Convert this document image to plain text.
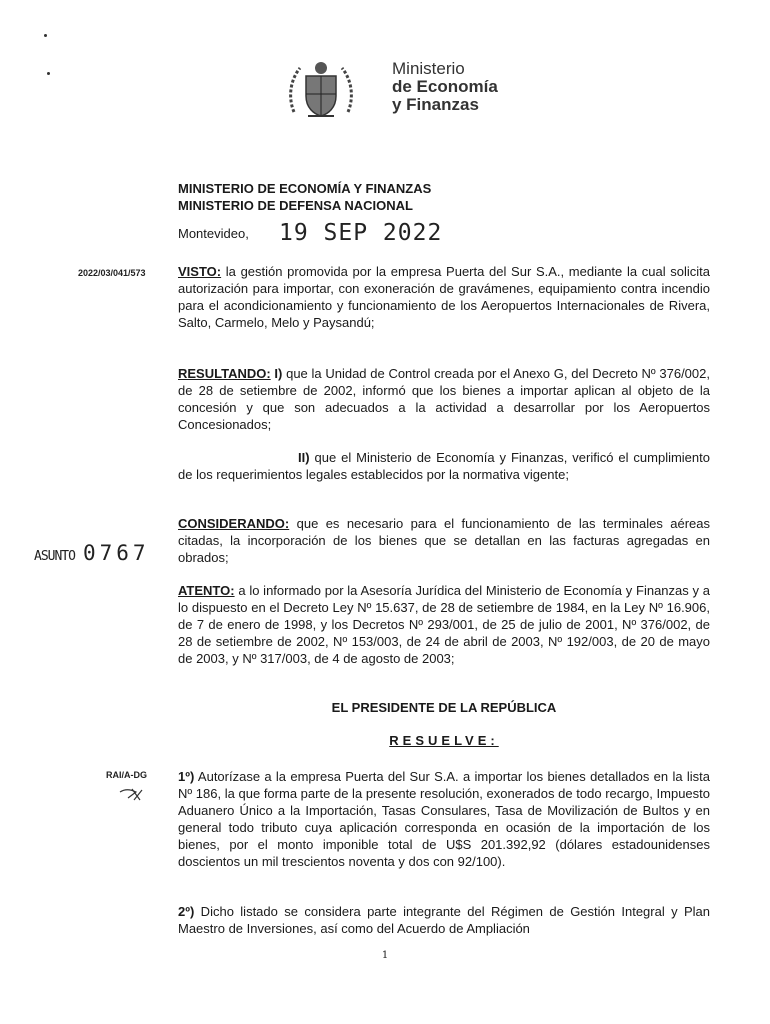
Ministerio
de Economía
y Finanzas
MINISTERIO DE ECONOMÍA Y FINANZAS
MINISTERIO DE DEFENSA NACIONAL
Montevideo, 19 SEP 2022
2022/03/041/573
ASUNTO 0767
RAI/A-DG

VISTO: la gestión promovida por la empresa Puerta del Sur S.A., mediante la cual solicita autorización para importar, con exoneración de gravámenes, equipamiento contra incendio para el acondicionamiento y funcionamiento de los Aeropuertos Internacionales de Rivera, Salto, Carmelo, Melo y Paysandú;

RESULTANDO: I) que la Unidad de Control creada por el Anexo G, del Decreto Nº 376/002, de 28 de setiembre de 2002, informó que los bienes a importar aplican al objeto de la concesión y que son adecuados a la actividad a desarrollar por los Aeropuertos Concesionados;

II) que el Ministerio de Economía y Finanzas, verificó el cumplimiento de los requerimientos legales establecidos por la normativa vigente;

CONSIDERANDO: que es necesario para el funcionamiento de las terminales aéreas citadas, la incorporación de los bienes que se detallan en las facturas agregadas en obrados;

ATENTO: a lo informado por la Asesoría Jurídica del Ministerio de Economía y Finanzas y a lo dispuesto en el Decreto Ley Nº 15.637, de 28 de setiembre de 1984, en la Ley Nº 16.906, de 7 de enero de 1998, y los Decretos Nº 293/001, de 25 de julio de 2001, Nº 376/002, de 28 de setiembre de 2002, Nº 153/003, de 24 de abril de 2003, Nº 192/003, de 20 de mayo de 2003, y Nº 317/003, de 4 de agosto de 2003;

EL PRESIDENTE DE LA REPÚBLICA
RESUELVE:

1º) Autorízase a la empresa Puerta del Sur S.A. a importar los bienes detallados en la lista Nº 186, la que forma parte de la presente resolución, exonerados de todo recargo, Impuesto Aduanero Único a la Importación, Tasas Consulares, Tasa de Movilización de Bultos y en general todo tributo cuya aplicación corresponda en ocasión de la importación de los bienes, por el monto imponible total de U$S 201.392,92 (dólares estadounidenses doscientos un mil trescientos noventa y dos con 92/100).

2º) Dicho listado se considera parte integrante del Régimen de Gestión Integral y Plan Maestro de Inversiones, así como del Acuerdo de Ampliación

1
